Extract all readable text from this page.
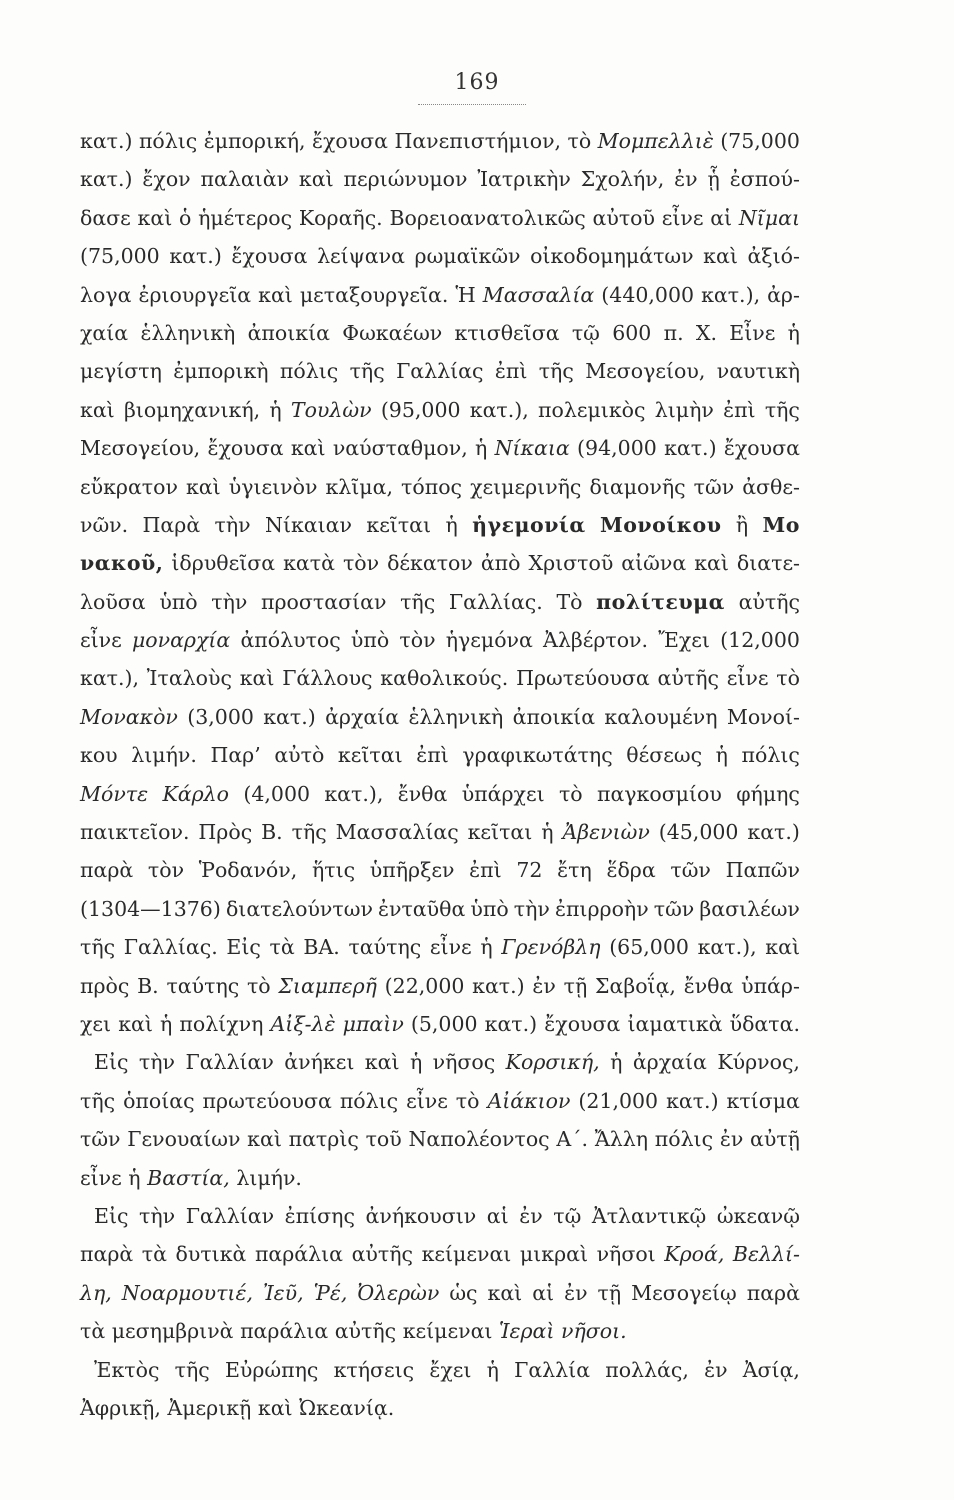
169
κατ.) πόλις ἐμπορική, ἔχουσα Πανεπιστήμιον, τὸ Μομπελλιὲ (75,000
κατ.) ἔχον παλαιὰν καὶ περιώνυμον Ἰατρικὴν Σχολήν, ἐν ᾗ ἐσπού-
δασε καὶ ὁ ἡμέτερος Κοραῆς. Βορειοανατολικῶς αὐτοῦ εἶνε αἱ Νῖμαι
(75,000 κατ.) ἔχουσα λείψανα ρωμαϊκῶν οἰκοδομημάτων καὶ ἀξιό-
λογα ἐριουργεῖα καὶ μεταξουργεῖα. Ἡ Μασσαλία (440,000 κατ.), ἀρ-
χαία ἑλληνικὴ ἀποικία Φωκαέων κτισθεῖσα τῷ 600 π. Χ. Εἶνε ἡ
μεγίστη ἐμπορικὴ πόλις τῆς Γαλλίας ἐπὶ τῆς Μεσογείου, ναυτικὴ
καὶ βιομηχανική, ἡ Τουλὼν (95,000 κατ.), πολεμικὸς λιμὴν ἐπὶ τῆς
Μεσογείου, ἔχουσα καὶ ναύσταθμον, ἡ Νίκαια (94,000 κατ.) ἔχουσα
εὔκρατον καὶ ὑγιεινὸν κλῖμα, τόπος χειμερινῆς διαμονῆς τῶν ἀσθε-
νῶν. Παρὰ τὴν Νίκαιαν κεῖται ἡ ἡγεμονία Μονοίκου ἢ Μο
νακοῦ, ἱδρυθεῖσα κατὰ τὸν δέκατον ἀπὸ Χριστοῦ αἰῶνα καὶ διατε-
λοῦσα ὑπὸ τὴν προστασίαν τῆς Γαλλίας. Τὸ πολίτευμα αὐτῆς
εἶνε μοναρχία ἀπόλυτος ὑπὸ τὸν ἡγεμόνα Ἀλβέρτον. Ἔχει (12,000
κατ.), Ἰταλοὺς καὶ Γάλλους καθολικούς. Πρωτεύουσα αὐτῆς εἶνε τὸ
Μονακὸν (3,000 κατ.) ἀρχαία ἑλληνικὴ ἀποικία καλουμένη Μονοί-
κου λιμήν. Παρ’ αὐτὸ κεῖται ἐπὶ γραφικωτάτης θέσεως ἡ πόλις
Μόντε Κάρλο (4,000 κατ.), ἔνθα ὑπάρχει τὸ παγκοσμίου φήμης
παικτεῖον. Πρὸς Β. τῆς Μασσαλίας κεῖται ἡ Ἀβενιὼν (45,000 κατ.)
παρὰ τὸν Ῥοδανόν, ἥτις ὑπῆρξεν ἐπὶ 72 ἔτη ἕδρα τῶν Παπῶν
(1304—1376) διατελούντων ἐνταῦθα ὑπὸ τὴν ἐπιρροὴν τῶν βασιλέων
τῆς Γαλλίας. Εἰς τὰ ΒΑ. ταύτης εἶνε ἡ Γρενόβλη (65,000 κατ.), καὶ
πρὸς Β. ταύτης τὸ Σιαμπερῆ (22,000 κατ.) ἐν τῇ Σαβοΐᾳ, ἔνθα ὑπάρ-
χει καὶ ἡ πολίχνη Αἰξ-λὲ μπαὶν (5,000 κατ.) ἔχουσα ἰαματικὰ ὕδατα.
Εἰς τὴν Γαλλίαν ἀνήκει καὶ ἡ νῆσος Κορσική, ἡ ἀρχαία Κύρνος,
τῆς ὁποίας πρωτεύουσα πόλις εἶνε τὸ Αἰάκιον (21,000 κατ.) κτίσμα
τῶν Γενουαίων καὶ πατρὶς τοῦ Ναπολέοντος Α΄. Ἄλλη πόλις ἐν αὐτῇ
εἶνε ἡ Βαστία, λιμήν.
Εἰς τὴν Γαλλίαν ἐπίσης ἀνήκουσιν αἱ ἐν τῷ Ἀτλαντικῷ ὠκεανῷ
παρὰ τὰ δυτικὰ παράλια αὐτῆς κείμεναι μικραὶ νῆσοι Κροά, Βελλί-
λη, Νοαρμουτιέ, Ἰεῦ, Ῥέ, Ὀλερὼν ὡς καὶ αἱ ἐν τῇ Μεσογείῳ παρὰ
τὰ μεσημβρινὰ παράλια αὐτῆς κείμεναι Ἱεραὶ νῆσοι.
Ἐκτὸς τῆς Εὐρώπης κτήσεις ἔχει ἡ Γαλλία πολλάς, ἐν Ἀσίᾳ,
Ἀφρικῇ, Ἀμερικῇ καὶ Ὠκεανίᾳ.
